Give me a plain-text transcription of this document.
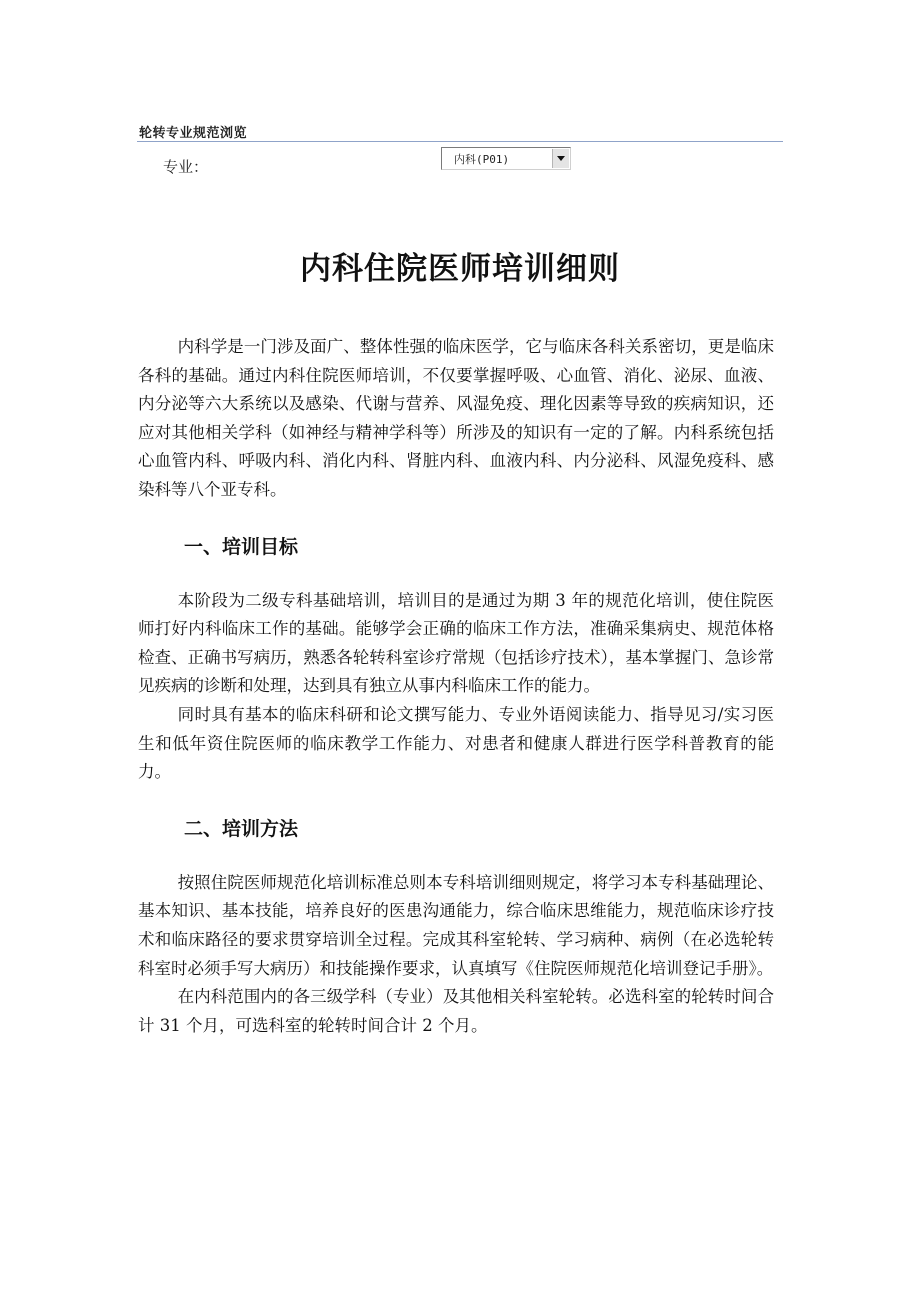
轮转专业规范浏览
专业：	内科(P01)
内科住院医师培训细则

内科学是一门涉及面广、整体性强的临床医学，它与临床各科关系密切，更是临床各科的基础。通过内科住院医师培训，不仅要掌握呼吸、心血管、消化、泌尿、血液、内分泌等六大系统以及感染、代谢与营养、风湿免疫、理化因素等导致的疾病知识，还应对其他相关学科（如神经与精神学科等）所涉及的知识有一定的了解。内科系统包括心血管内科、呼吸内科、消化内科、肾脏内科、血液内科、内分泌科、风湿免疫科、感染科等八个亚专科。

一、培训目标

本阶段为二级专科基础培训，培训目的是通过为期 3 年的规范化培训，使住院医师打好内科临床工作的基础。能够学会正确的临床工作方法，准确采集病史、规范体格检查、正确书写病历，熟悉各轮转科室诊疗常规（包括诊疗技术），基本掌握门、急诊常见疾病的诊断和处理，达到具有独立从事内科临床工作的能力。

同时具有基本的临床科研和论文撰写能力、专业外语阅读能力、指导见习/实习医生和低年资住院医师的临床教学工作能力、对患者和健康人群进行医学科普教育的能力。

二、培训方法

按照住院医师规范化培训标准总则本专科培训细则规定，将学习本专科基础理论、基本知识、基本技能，培养良好的医患沟通能力，综合临床思维能力，规范临床诊疗技术和临床路径的要求贯穿培训全过程。完成其科室轮转、学习病种、病例（在必选轮转科室时必须手写大病历）和技能操作要求，认真填写《住院医师规范化培训登记手册》。

在内科范围内的各三级学科（专业）及其他相关科室轮转。必选科室的轮转时间合计 31 个月，可选科室的轮转时间合计 2 个月。
